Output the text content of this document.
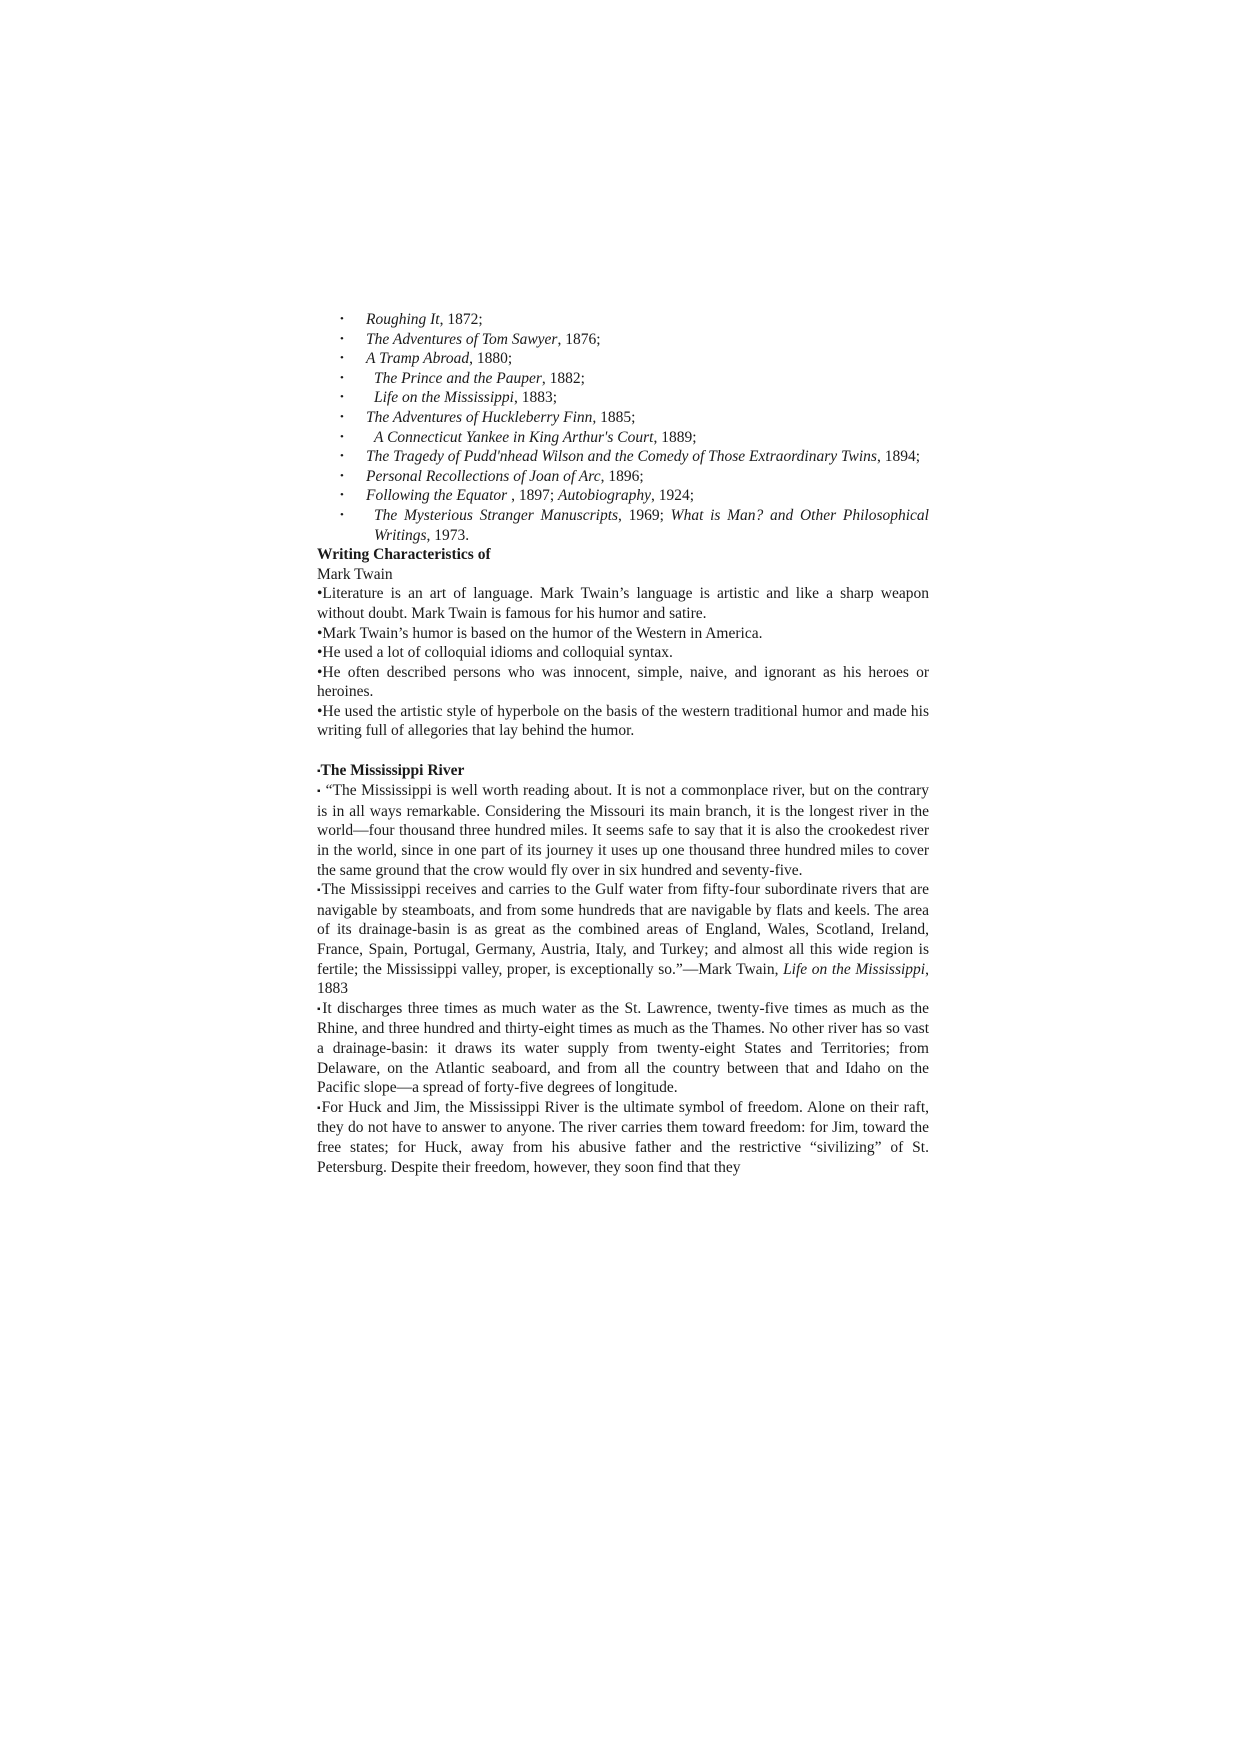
• Roughing It, 1872;
• The Adventures of Tom Sawyer, 1876;
• A Tramp Abroad, 1880;
• The Prince and the Pauper, 1882;
• Life on the Mississippi, 1883;
• The Adventures of Huckleberry Finn, 1885;
• A Connecticut Yankee in King Arthur's Court, 1889;
• The Tragedy of Pudd'nhead Wilson and the Comedy of Those Extraordinary Twins, 1894;
• Personal Recollections of Joan of Arc, 1896;
• Following the Equator , 1897; Autobiography, 1924;
• The Mysterious Stranger Manuscripts, 1969; What is Man? and Other Philosophical Writings, 1973.

Writing Characteristics of

Mark Twain

•Literature is an art of language. Mark Twain’s language is artistic and like a sharp weapon without doubt. Mark Twain is famous for his humor and satire.

•Mark Twain’s humor is based on the humor of the Western in America.

•He used a lot of colloquial idioms and colloquial syntax.

•He often described persons who was innocent, simple, naive, and ignorant as his heroes or heroines.

•He used the artistic style of hyperbole on the basis of the western traditional humor and made his writing full of allegories that lay behind the humor.

▪The Mississippi River

▪ “The Mississippi is well worth reading about. It is not a commonplace river, but on the contrary is in all ways remarkable. Considering the Missouri its main branch, it is the longest river in the world—four thousand three hundred miles. It seems safe to say that it is also the crookedest river in the world, since in one part of its journey it uses up one thousand three hundred miles to cover the same ground that the crow would fly over in six hundred and seventy-five.

▪The Mississippi receives and carries to the Gulf water from fifty-four subordinate rivers that are navigable by steamboats, and from some hundreds that are navigable by flats and keels. The area of its drainage-basin is as great as the combined areas of England, Wales, Scotland, Ireland, France, Spain, Portugal, Germany, Austria, Italy, and Turkey; and almost all this wide region is fertile; the Mississippi valley, proper, is exceptionally so.”—Mark Twain, Life on the Mississippi, 1883

▪It discharges three times as much water as the St. Lawrence, twenty-five times as much as the Rhine, and three hundred and thirty-eight times as much as the Thames. No other river has so vast a drainage-basin: it draws its water supply from twenty-eight States and Territories; from Delaware, on the Atlantic seaboard, and from all the country between that and Idaho on the Pacific slope—a spread of forty-five degrees of longitude.

▪For Huck and Jim, the Mississippi River is the ultimate symbol of freedom. Alone on their raft, they do not have to answer to anyone. The river carries them toward freedom: for Jim, toward the free states; for Huck, away from his abusive father and the restrictive “sivilizing” of St. Petersburg. Despite their freedom, however, they soon find that they
